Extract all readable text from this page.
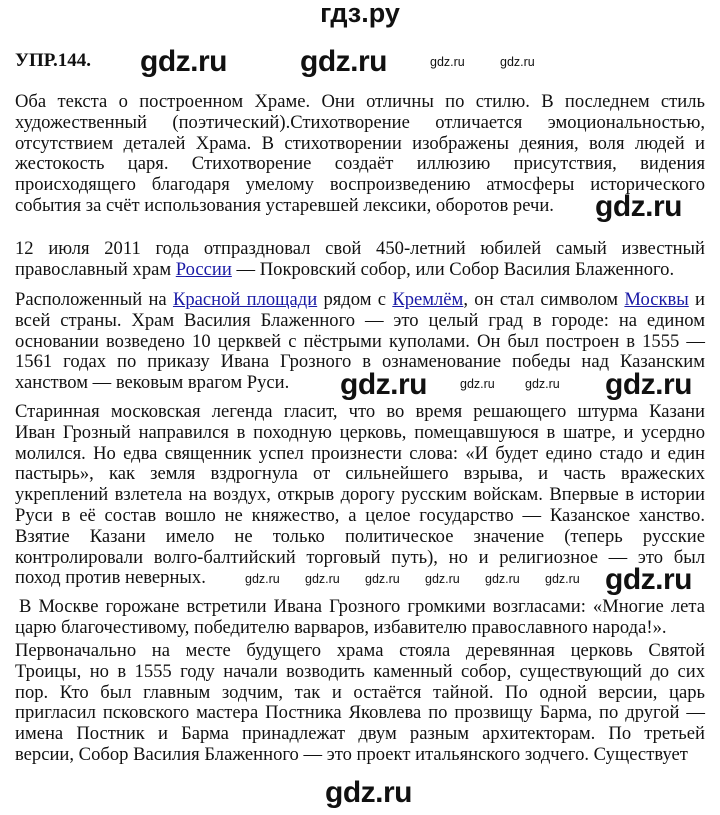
гдз.ру
УПР.144.
Оба текста о построенном Храме. Они отличны по стилю. В последнем стиль
художественный (поэтический).Стихотворение отличается эмоциональностью,
отсутствием деталей Храма. В стихотворении изображены деяния, воля людей и
жестокость царя. Стихотворение создаёт иллюзию присутствия, видения
происходящего благодаря умелому воспроизведению атмосферы исторического
события за счёт использования устаревшей лексики, оборотов речи.
12 июля 2011 года отпраздновал свой 450-летний юбилей самый известный
православный храм России — Покровский собор, или Собор Василия Блаженного.
Расположенный на Красной площади рядом с Кремлём, он стал символом Москвы и
всей страны. Храм Василия Блаженного — это целый град в городе: на едином
основании возведено 10 церквей с пёстрыми куполами. Он был построен в 1555 —
1561 годах по приказу Ивана Грозного в ознаменование победы над Казанским
ханством — вековым врагом Руси.
Старинная московская легенда гласит, что во время решающего штурма Казани
Иван Грозный направился в походную церковь, помещавшуюся в шатре, и усердно
молился. Но едва священник успел произнести слова: «И будет едино стадо и един
пастырь», как земля вздрогнула от сильнейшего взрыва, и часть вражеских
укреплений взлетела на воздух, открыв дорогу русским войскам. Впервые в истории
Руси в её состав вошло не княжество, а целое государство — Казанское ханство.
Взятие Казани имело не только политическое значение (теперь русские
контролировали волго-балтийский торговый путь), но и религиозное — это был
поход против неверных.
В Москве горожане встретили Ивана Грозного громкими возгласами: «Многие лета
царю благочестивому, победителю варваров, избавителю православного народа!».
Первоначально на месте будущего храма стояла деревянная церковь Святой
Троицы, но в 1555 году начали возводить каменный собор, существующий до сих
пор. Кто был главным зодчим, так и остаётся тайной. По одной версии, царь
пригласил псковского мастера Постника Яковлева по прозвищу Барма, по другой —
имена Постник и Барма принадлежат двум разным архитекторам. По третьей
версии, Собор Василия Блаженного — это проект итальянского зодчего. Существует
gdz.ru gdz.ru
gdz.ru
gdz.ru	gdz.ru
gdz.ru
gdz.ru
gdz.ru	gdz.ru
gdz.ru gdz.ru
gdz.ru gdz.ru gdz.ru gdz.ru gdz.ru gdz.ru
